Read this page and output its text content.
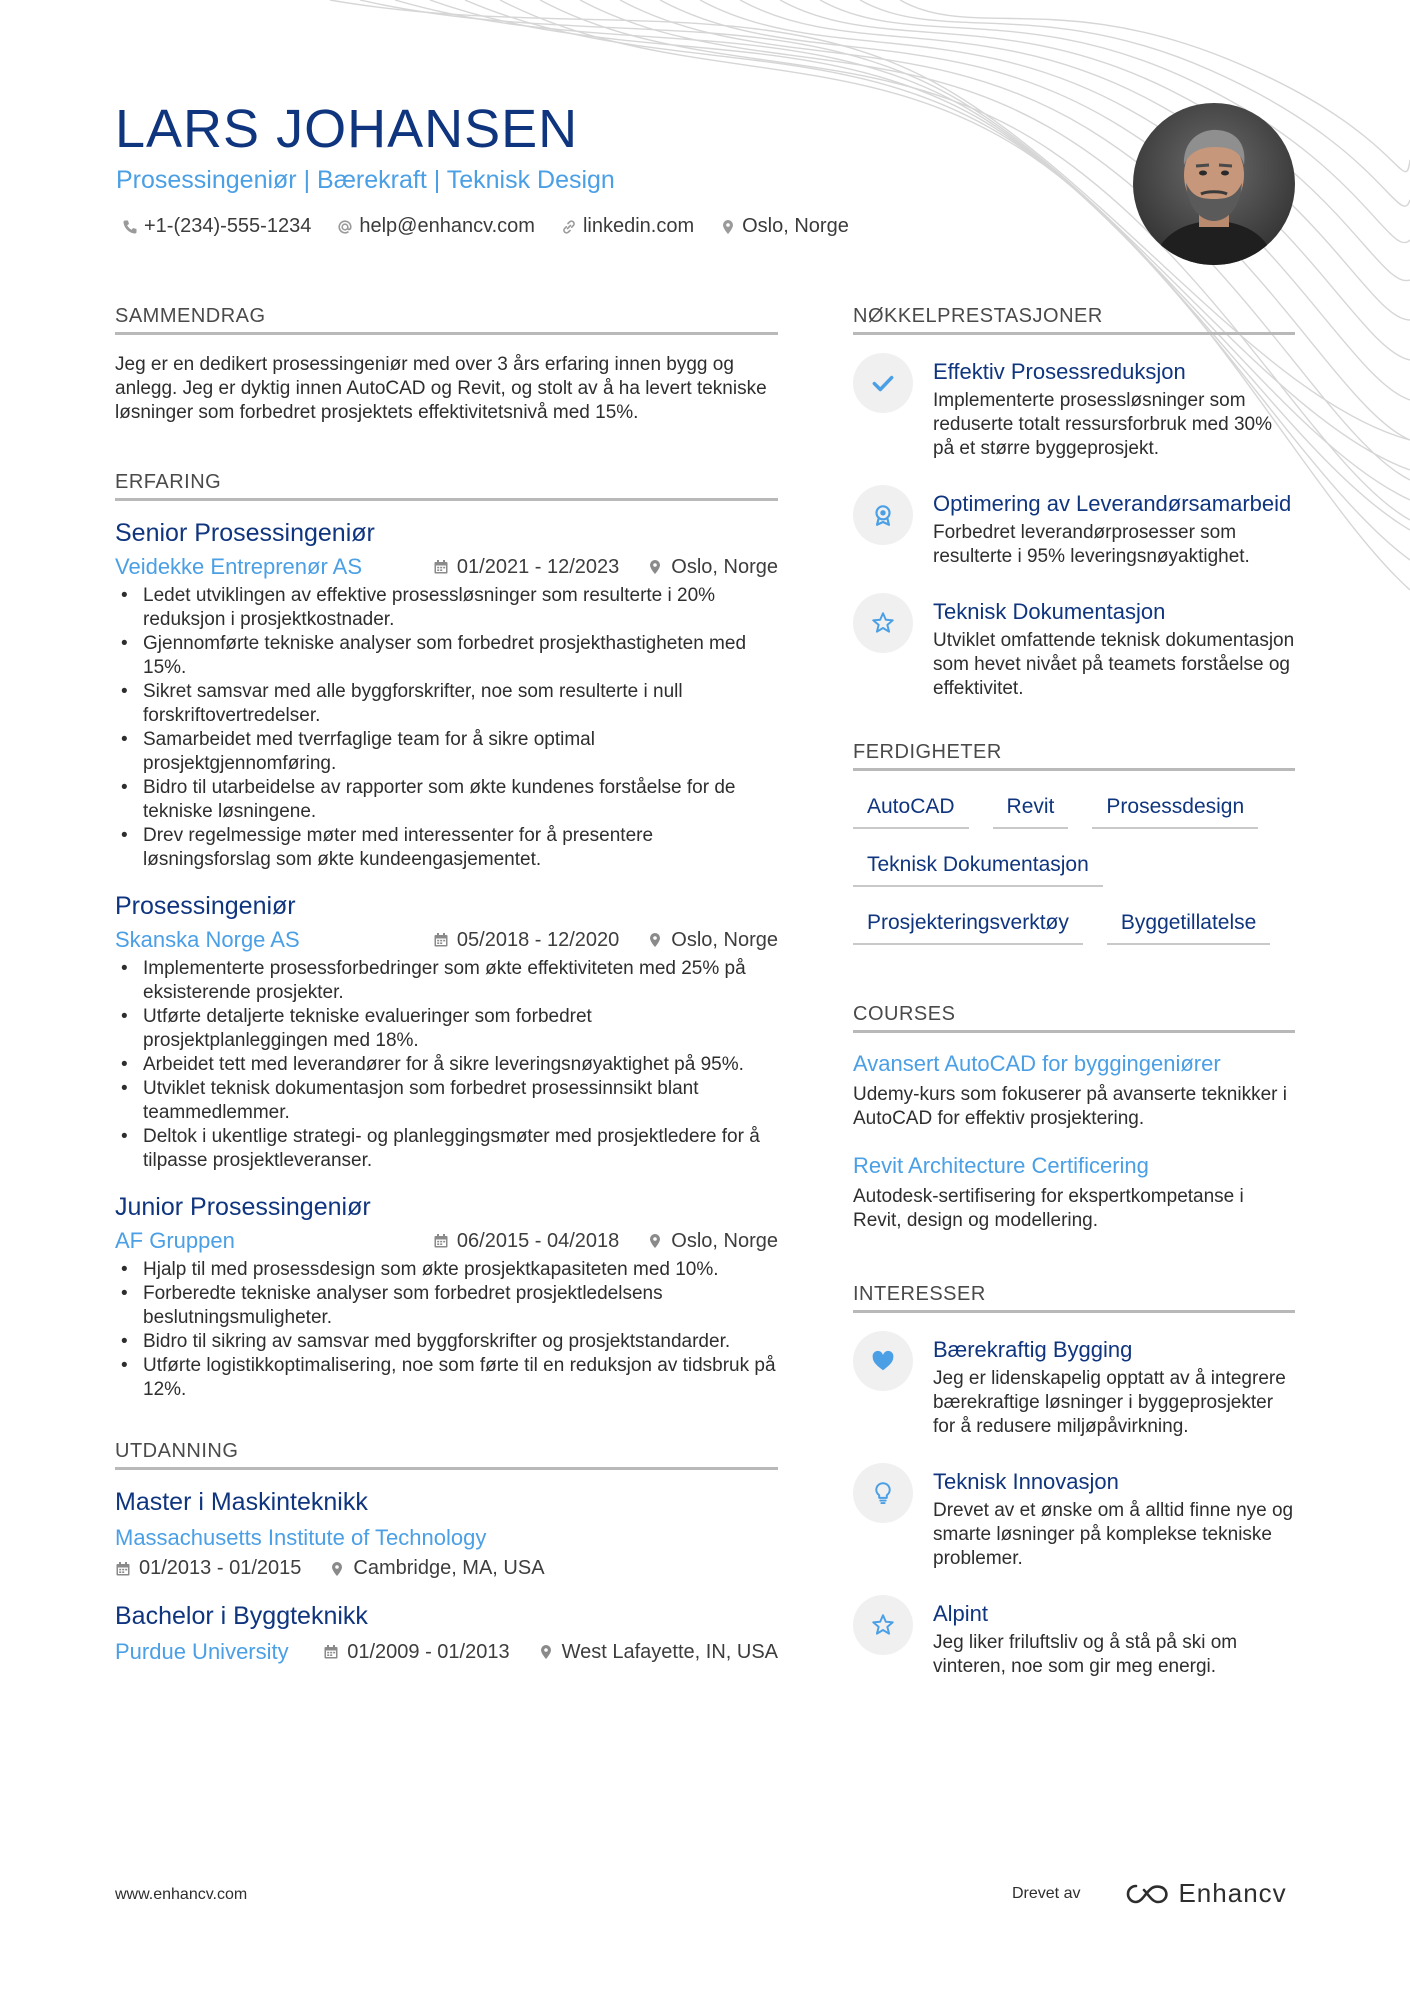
LARS JOHANSEN
Prosessingeniør | Bærekraft | Teknisk Design
+1-(234)-555-1234 help@enhancv.com linkedin.com Oslo, Norge
SAMMENDRAG

Jeg er en dedikert prosessingeniør med over 3 års erfaring innen bygg og anlegg. Jeg er dyktig innen AutoCAD og Revit, og stolt av å ha levert tekniske løsninger som forbedret prosjektets effektivitetsnivå med 15%.

ERFARING
Senior Prosessingeniør
Veidekke Entreprenør AS	01/2021 - 12/2023	Oslo, Norge
• Ledet utviklingen av effektive prosessløsninger som resulterte i 20% reduksjon i prosjektkostnader.
• Gjennomførte tekniske analyser som forbedret prosjekthastigheten med 15%.
• Sikret samsvar med alle byggforskrifter, noe som resulterte i null forskriftovertredelser.
• Samarbeidet med tverrfaglige team for å sikre optimal prosjektgjennomføring.
• Bidro til utarbeidelse av rapporter som økte kundenes forståelse for de tekniske løsningene.
• Drev regelmessige møter med interessenter for å presentere løsningsforslag som økte kundeengasjementet.
Prosessingeniør
Skanska Norge AS	05/2018 - 12/2020	Oslo, Norge
• Implementerte prosessforbedringer som økte effektiviteten med 25% på eksisterende prosjekter.
• Utførte detaljerte tekniske evalueringer som forbedret prosjektplanleggingen med 18%.
• Arbeidet tett med leverandører for å sikre leveringsnøyaktighet på 95%.
• Utviklet teknisk dokumentasjon som forbedret prosessinnsikt blant teammedlemmer.
• Deltok i ukentlige strategi- og planleggingsmøter med prosjektledere for å tilpasse prosjektleveranser.
Junior Prosessingeniør
AF Gruppen	06/2015 - 04/2018	Oslo, Norge
• Hjalp til med prosessdesign som økte prosjektkapasiteten med 10%.
• Forberedte tekniske analyser som forbedret prosjektledelsens beslutningsmuligheter.
• Bidro til sikring av samsvar med byggforskrifter og prosjektstandarder.
• Utførte logistikkoptimalisering, noe som førte til en reduksjon av tidsbruk på 12%.
UTDANNING
Master i Maskinteknikk
Massachusetts Institute of Technology
01/2013 - 01/2015	Cambridge, MA, USA
Bachelor i Byggteknikk
Purdue University	01/2009 - 01/2013	West Lafayette, IN, USA
NØKKELPRESTASJONER
Effektiv Prosessreduksjon
Implementerte prosessløsninger som reduserte totalt ressursforbruk med 30% på et større byggeprosjekt.
Optimering av Leverandørsamarbeid
Forbedret leverandørprosesser som resulterte i 95% leveringsnøyaktighet.
Teknisk Dokumentasjon
Utviklet omfattende teknisk dokumentasjon som hevet nivået på teamets forståelse og effektivitet.
FERDIGHETER
AutoCAD	Revit	Prosessdesign
Teknisk Dokumentasjon
Prosjekteringsverktøy	Byggetillatelse
COURSES
Avansert AutoCAD for byggingeniører
Udemy-kurs som fokuserer på avanserte teknikker i AutoCAD for effektiv prosjektering.
Revit Architecture Certificering
Autodesk-sertifisering for ekspertkompetanse i Revit, design og modellering.
INTERESSER
Bærekraftig Bygging
Jeg er lidenskapelig opptatt av å integrere bærekraftige løsninger i byggeprosjekter for å redusere miljøpåvirkning.
Teknisk Innovasjon
Drevet av et ønske om å alltid finne nye og smarte løsninger på komplekse tekniske problemer.
Alpint
Jeg liker friluftsliv og å stå på ski om vinteren, noe som gir meg energi.
www.enhancv.com	Drevet av	Enhancv
